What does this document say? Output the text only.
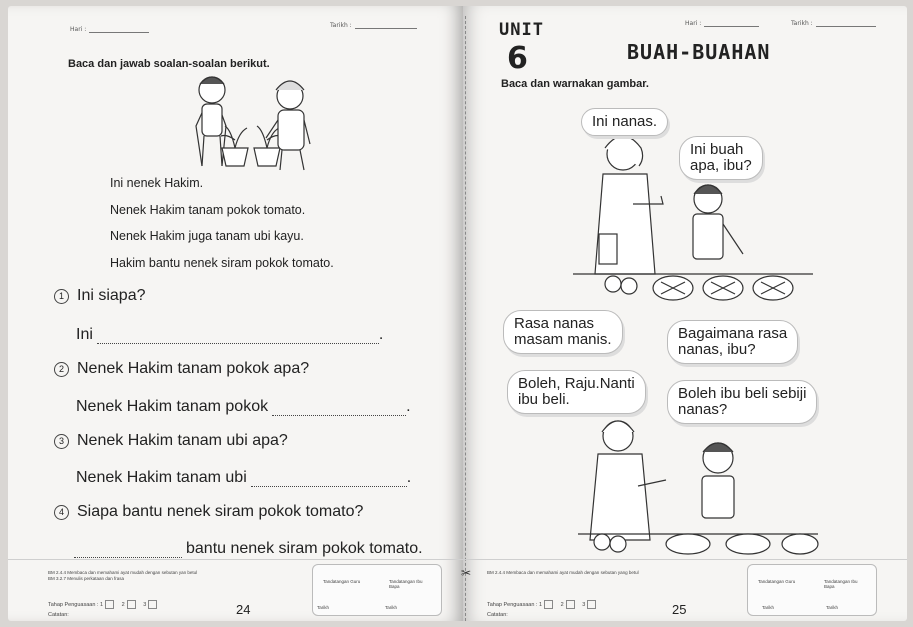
Hari :
Tarikh :
Baca dan jawab soalan-soalan berikut.
Ini nenek Hakim.
Nenek Hakim tanam pokok tomato.
Nenek Hakim juga tanam ubi kayu.
Hakim bantu nenek siram pokok tomato.
1 Ini siapa?
Ini	.
2 Nenek Hakim tanam pokok apa?
Nenek Hakim tanam pokok	.
3 Nenek Hakim tanam ubi apa?
Nenek Hakim tanam ubi	.
4 Siapa bantu nenek siram pokok tomato?
bantu nenek siram pokok tomato.
BM 2.4.4 Membaca dan memahami ayat mudah dengan sebutan yan betul
BM 3.2.7 Menulis perkataan dan frasa
Tahap Penguasaan : 1	2	3
Catatan:	24
Tandatangan Guru	Tandatangan Ibu Bapa
Tarikh	Tarikh
Hari :	Tarikh :
UNIT
6	BUAH-BUAHAN
Baca dan warnakan gambar.
Ini nanas.
Ini buah
apa, ibu?
Rasa nanas
masam manis.	Bagaimana rasa
nanas, ibu?
Boleh, Raju.Nanti
ibu beli.	Boleh ibu beli sebiji
nanas?
✂	BM 2.4.4 Membaca dan memahami ayat mudah dengan sebutan yang betul
Tahap Penguasaan : 1	2	3
Catatan:	25
Tandatangan Guru	Tandatangan Ibu Bapa
Tarikh	Tarikh
